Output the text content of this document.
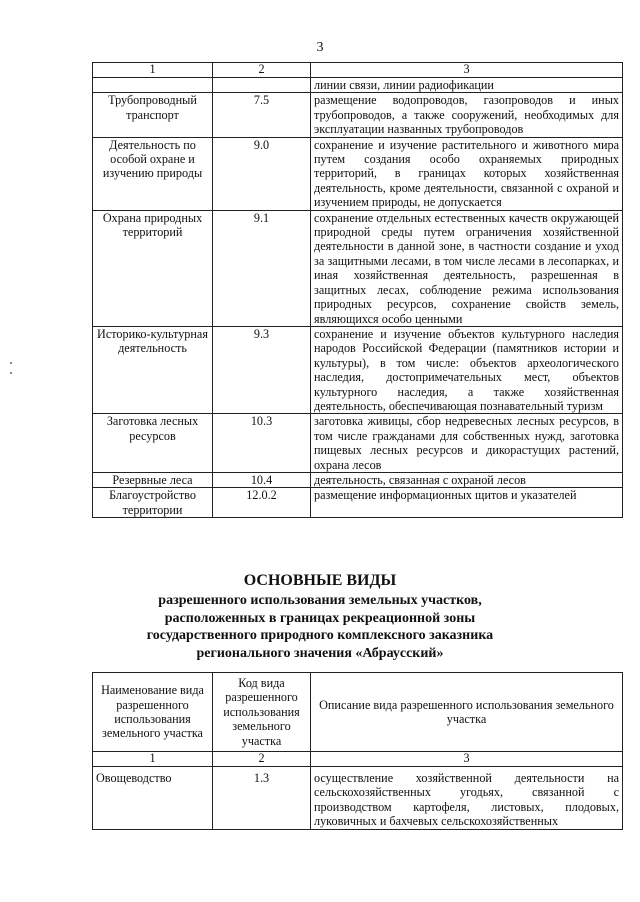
3
1	2	3
		линии связи, линии радиофикации
Трубопроводный транспорт	7.5	размещение водопроводов, газопроводов и иных трубопроводов, а также сооружений, необходимых для эксплуатации названных трубопроводов
Деятельность по особой охране и изучению природы	9.0	сохранение и изучение растительного и животного мира путем создания особо охраняемых природных территорий, в границах которых хозяйственная деятельность, кроме деятельности, связанной с охраной и изучением природы, не допускается
Охрана природных территорий	9.1	сохранение отдельных естественных качеств окружающей природной среды путем ограничения хозяйственной деятельности в данной зоне, в частности создание и уход за защитными лесами, в том числе лесами в лесопарках, и иная хозяйственная деятельность, разрешенная в защитных лесах, соблюдение режима использования природных ресурсов, сохранение свойств земель, являющихся особо ценными
Историко-культурная деятельность	9.3	сохранение и изучение объектов культурного наследия народов Российской Федерации (памятников истории и культуры), в том числе: объектов археологического наследия, достопримечательных мест, объектов культурного наследия, а также хозяйственная деятельность, обеспечивающая познавательный туризм
Заготовка лесных ресурсов	10.3	заготовка живицы, сбор недревесных лесных ресурсов, в том числе гражданами для собственных нужд, заготовка пищевых лесных ресурсов и дикорастущих растений, охрана лесов
Резервные леса	10.4	деятельность, связанная с охраной лесов
Благоустройство территории	12.0.2	размещение информационных щитов и указателей
ОСНОВНЫЕ ВИДЫ
разрешенного использования земельных участков,
расположенных в границах рекреационной зоны
государственного природного комплексного заказника
регионального значения «Абрауcский»
Наименование вида разрешенного использования земельного участка	Код вида разрешенного использования земельного участка	Описание вида разрешенного использования земельного участка
1	2	3
Овощеводство	1.3	осуществление хозяйственной деятельности на сельскохозяйственных угодьях, связанной с производством картофеля, листовых, плодовых, луковичных и бахчевых сельскохозяйственных
